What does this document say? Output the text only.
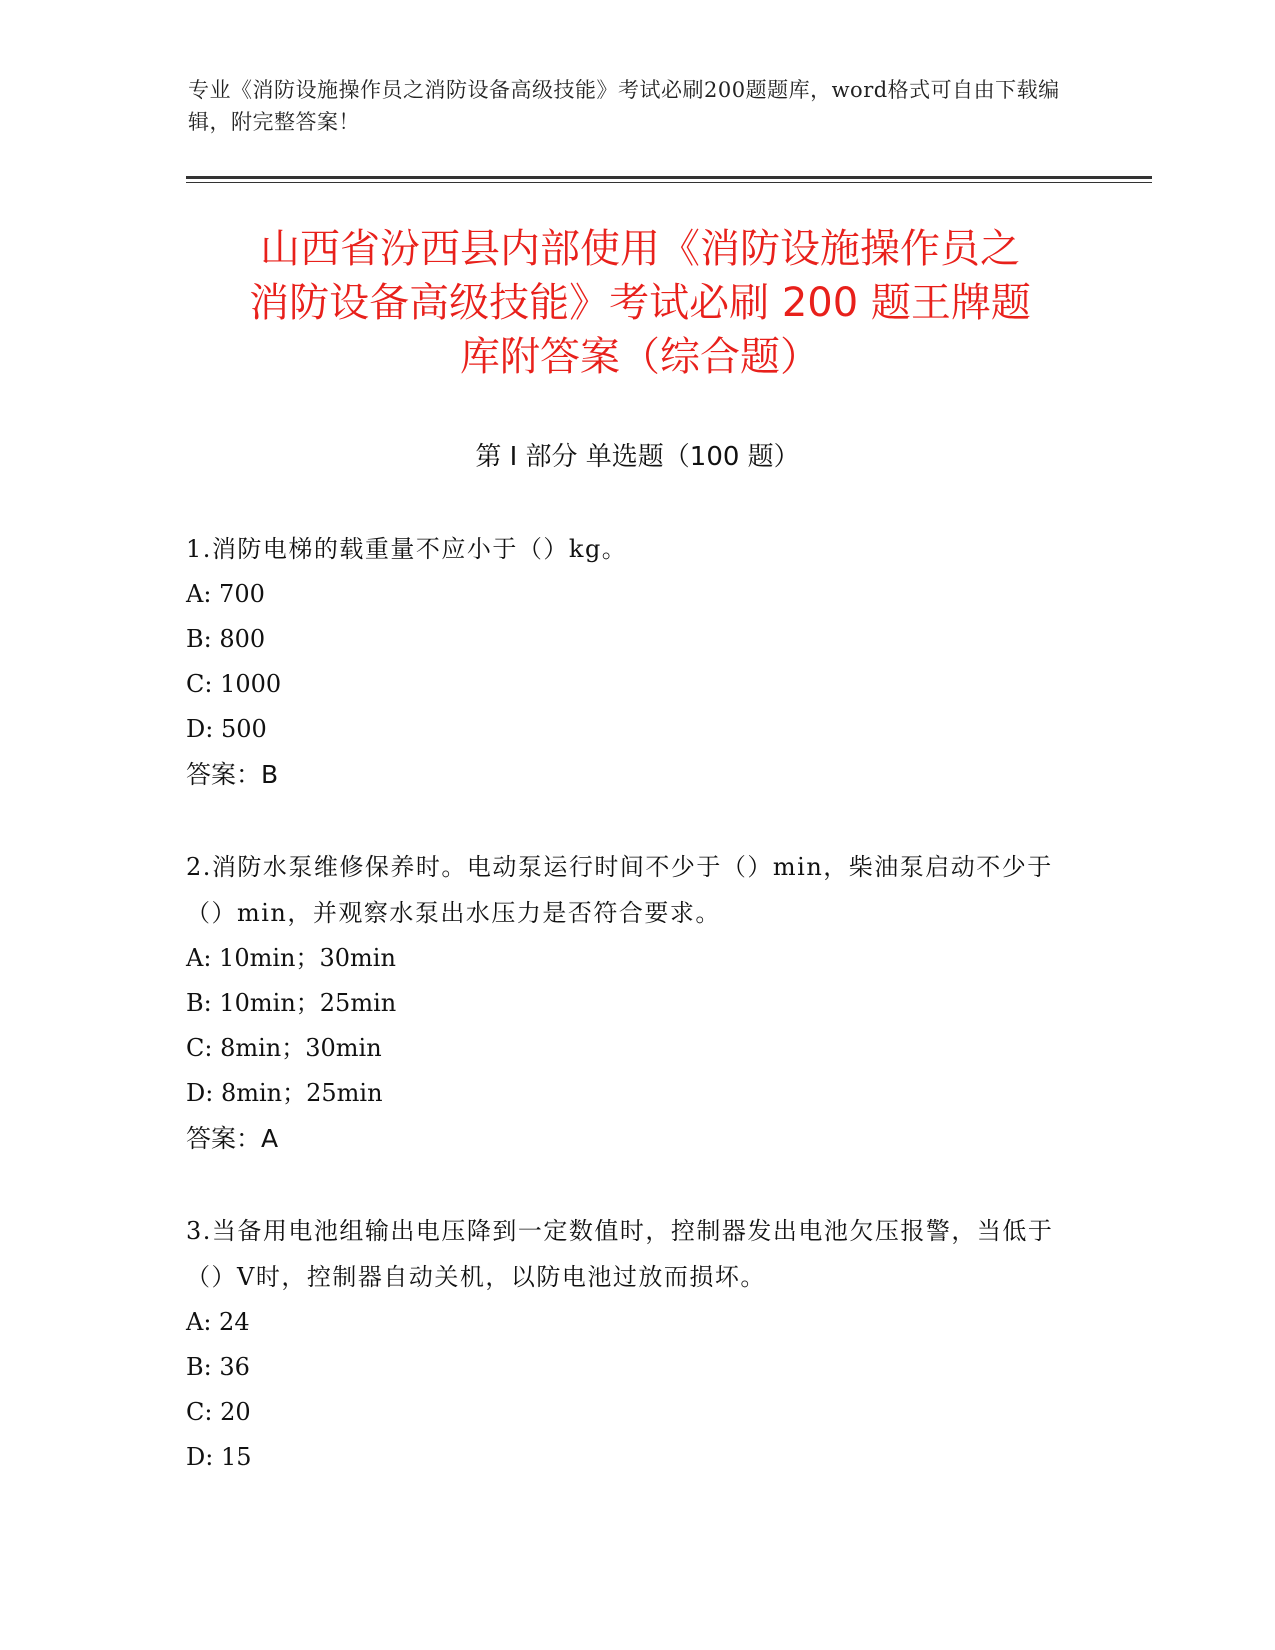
专业《消防设施操作员之消防设备高级技能》考试必刷200题题库，word格式可自由下载编辑，附完整答案！
山西省汾西县内部使用《消防设施操作员之
消防设备高级技能》考试必刷 200 题王牌题
库附答案（综合题）
第 I 部分 单选题（100 题）
1.消防电梯的载重量不应小于（）kg。
A: 700
B: 800
C: 1000
D: 500
答案：B
2.消防水泵维修保养时。电动泵运行时间不少于（）min，柴油泵启动不少于（）min，并观察水泵出水压力是否符合要求。
A: 10min；30min
B: 10min；25min
C: 8min；30min
D: 8min；25min
答案：A
3.当备用电池组输出电压降到一定数值时，控制器发出电池欠压报警，当低于（）V时，控制器自动关机，以防电池过放而损坏。
A: 24
B: 36
C: 20
D: 15
